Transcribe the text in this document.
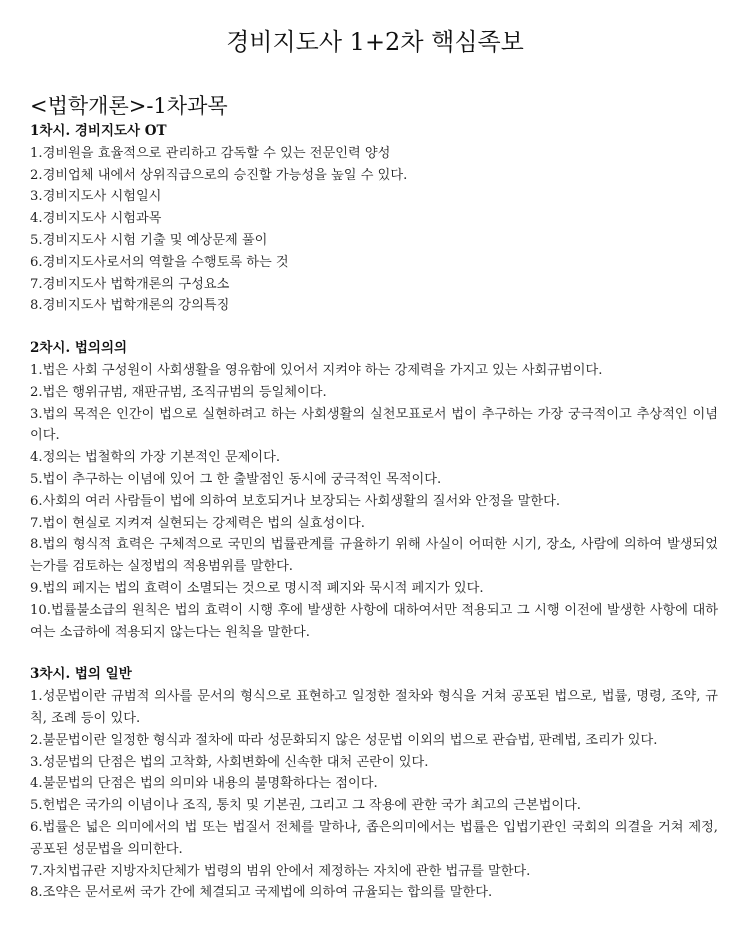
경비지도사 1+2차 핵심족보
<법학개론>-1차과목
1차시. 경비지도사 OT
1.경비원을 효율적으로 관리하고 감독할 수 있는 전문인력 양성
2.경비업체 내에서 상위직급으로의 승진할 가능성을 높일 수 있다.
3.경비지도사 시험일시
4.경비지도사 시험과목
5.경비지도사 시험 기출 및 예상문제 풀이
6.경비지도사로서의 역할을 수행토록 하는 것
7.경비지도사 법학개론의 구성요소
8.경비지도사 법학개론의 강의특징
2차시. 법의의의
1.법은 사회 구성원이 사회생활을 영유함에 있어서 지켜야 하는 강제력을 가지고 있는 사회규범이다.
2.법은 행위규범, 재판규범, 조직규범의 등일체이다.
3.법의 목적은 인간이 법으로 실현하려고 하는 사회생활의 실천모표로서 법이 추구하는 가장 궁극적이고 추상적인 이념이다.
4.정의는 법철학의 가장 기본적인 문제이다.
5.법이 추구하는 이념에 있어 그 한 출발점인 동시에 궁극적인 목적이다.
6.사회의 여러 사람들이 법에 의하여 보호되거나 보장되는 사회생활의 질서와 안정을 말한다.
7.법이 현실로 지켜져 실현되는 강제력은 법의 실효성이다.
8.법의 형식적 효력은 구체적으로 국민의 법률관계를 규율하기 위해 사실이 어떠한 시기, 장소, 사람에 의하여 발생되었는가를 검토하는 실정법의 적용범위를 말한다.
9.법의 페지는 법의 효력이 소멸되는 것으로 명시적 폐지와 묵시적 페지가 있다.
10.법률불소급의 원칙은 법의 효력이 시행 후에 발생한 사항에 대하여서만 적용되고 그 시행 이전에 발생한 사항에 대하여는 소급하에 적용되지 않는다는 원칙을 말한다.
3차시. 법의 일반
1.성문법이란 규범적 의사를 문서의 형식으로 표현하고 일정한 절차와 형식을 거쳐 공포된 법으로, 법률, 명령, 조약, 규칙, 조례 등이 있다.
2.불문법이란 일정한 형식과 절차에 따라 성문화되지 않은 성문법 이외의 법으로 관습법, 판례법, 조리가 있다.
3.성문법의 단점은 법의 고착화, 사회변화에 신속한 대처 곤란이 있다.
4.불문법의 단점은 법의 의미와 내용의 불명확하다는 점이다.
5.헌법은 국가의 이념이나 조직, 통치 및 기본권, 그리고 그 작용에 관한 국가 최고의 근본법이다.
6.법률은 넓은 의미에서의 법 또는 법질서 전체를 말하나, 좁은의미에서는 법률은 입법기관인 국회의 의결을 거쳐 제정, 공포된 성문법을 의미한다.
7.자치법규란 지방자치단체가 법령의 범위 안에서 제정하는 자치에 관한 법규를 말한다.
8.조약은 문서로써 국가 간에 체결되고 국제법에 의하여 규율되는 합의를 말한다.
